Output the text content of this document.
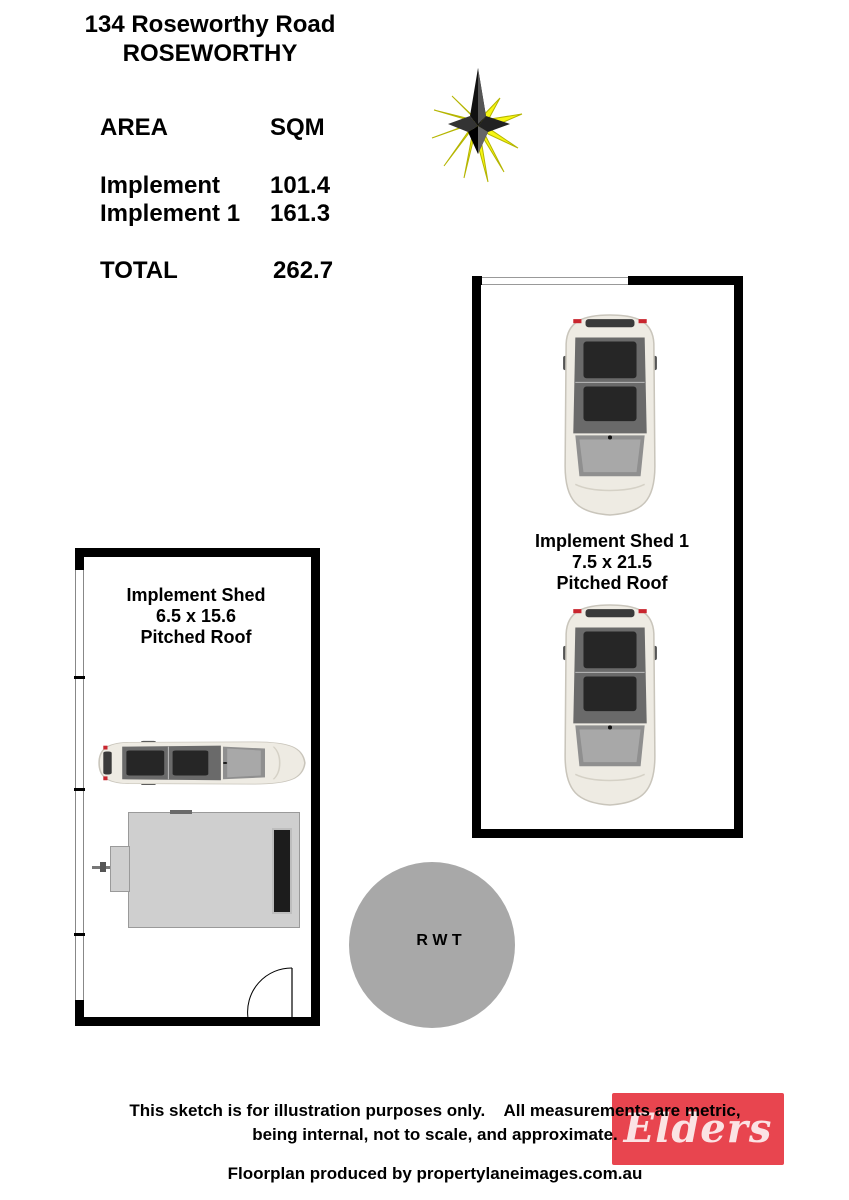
134 Roseworthy Road
ROSEWORTHY
AREA	SQM
Implement 101.4
Implement 1 161.3
TOTAL	262.7
Implement Shed
6.5 x 15.6
Pitched Roof
Implement Shed 1
7.5 x 21.5
Pitched Roof
R W T
Elders
This sketch is for illustration purposes only.    All measurements are metric,
being internal, not to scale, and approximate.
Floorplan produced by propertylaneimages.com.au
